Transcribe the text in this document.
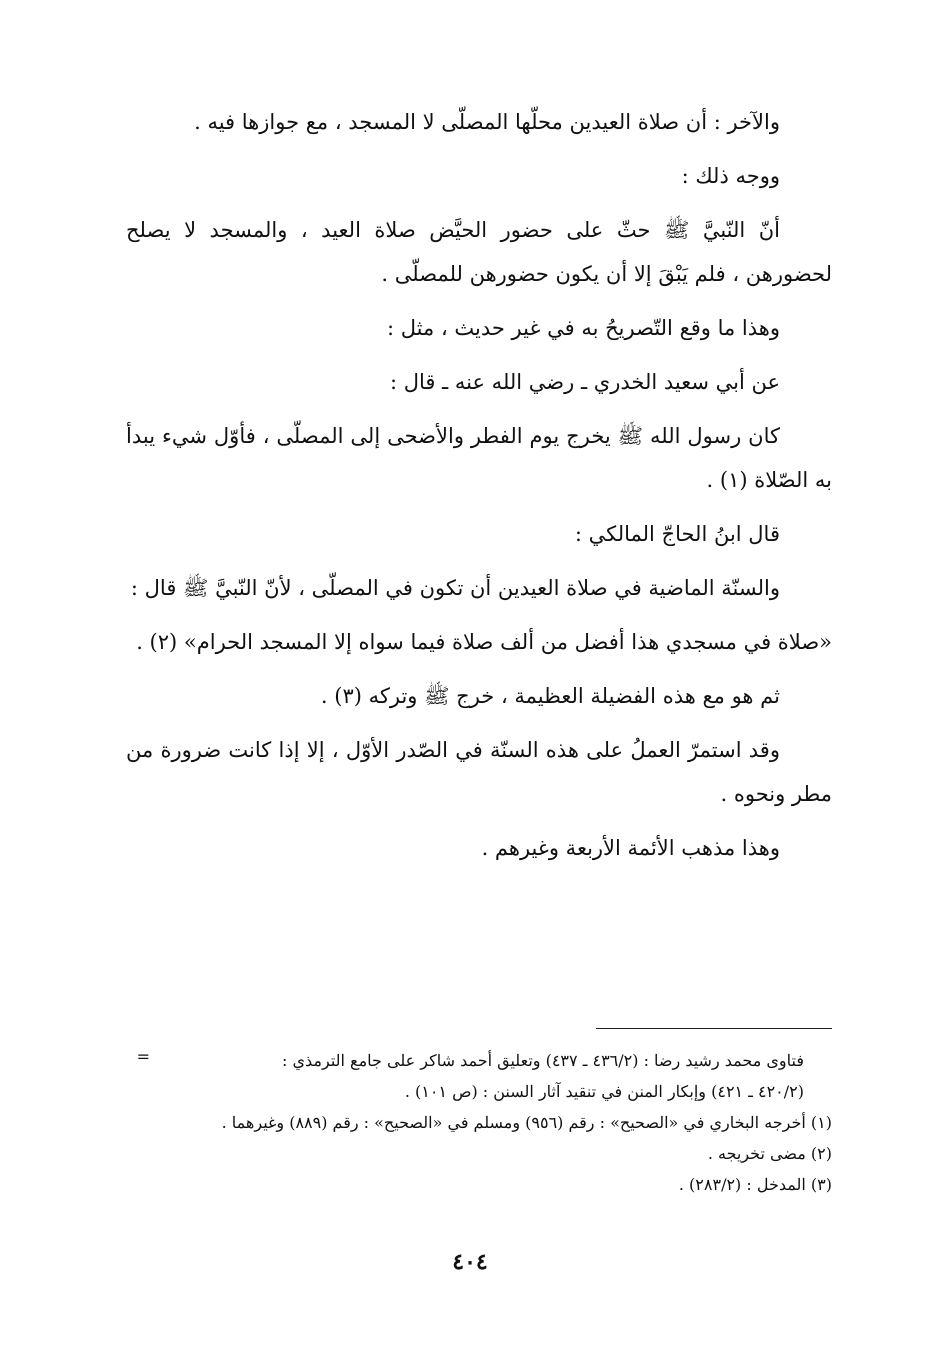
والآخر : أن صلاة العيدين محلّها المصلّى لا المسجد ، مع جوازها فيه .

ووجه ذلك :

أنّ النّبيَّ ﷺ حثّ على حضور الحيَّض صلاة العيد ، والمسجد لا يصلح لحضورهن ، فلم يَبْقَ إلا أن يكون حضورهن للمصلّى .

وهذا ما وقع التّصريحُ به في غير حديث ، مثل :

عن أبي سعيد الخدري ـ رضي الله عنه ـ قال :

كان رسول الله ﷺ يخرج يوم الفطر والأضحى إلى المصلّى ، فأوّل شيء يبدأ به الصّلاة (١) .

قال ابنُ الحاجّ المالكي :

والسنّة الماضية في صلاة العيدين أن تكون في المصلّى ، لأنّ النّبيَّ ﷺ قال :

«صلاة في مسجدي هذا أفضل من ألف صلاة فيما سواه إلا المسجد الحرام» (٢) .

ثم هو مع هذه الفضيلة العظيمة ، خرج ﷺ وتركه (٣) .

وقد استمرّ العملُ على هذه السنّة في الصّدر الأوّل ، إلا إذا كانت ضرورة من مطر ونحوه .

وهذا مذهب الأئمة الأربعة وغيرهم .

=	فتاوى محمد رشيد رضا : (٤٣٦/٢ ـ ٤٣٧) وتعليق أحمد شاكر على جامع الترمذي :

(٤٢٠/٢ ـ ٤٢١) وإبكار المنن في تنقيد آثار السنن : (ص ١٠١) .

(١) أخرجه البخاري في «الصحيح» : رقم (٩٥٦) ومسلم في «الصحيح» : رقم (٨٨٩) وغيرهما .

(٢) مضى تخريجه .

(٣) المدخل : (٢٨٣/٢) .

٤٠٤
